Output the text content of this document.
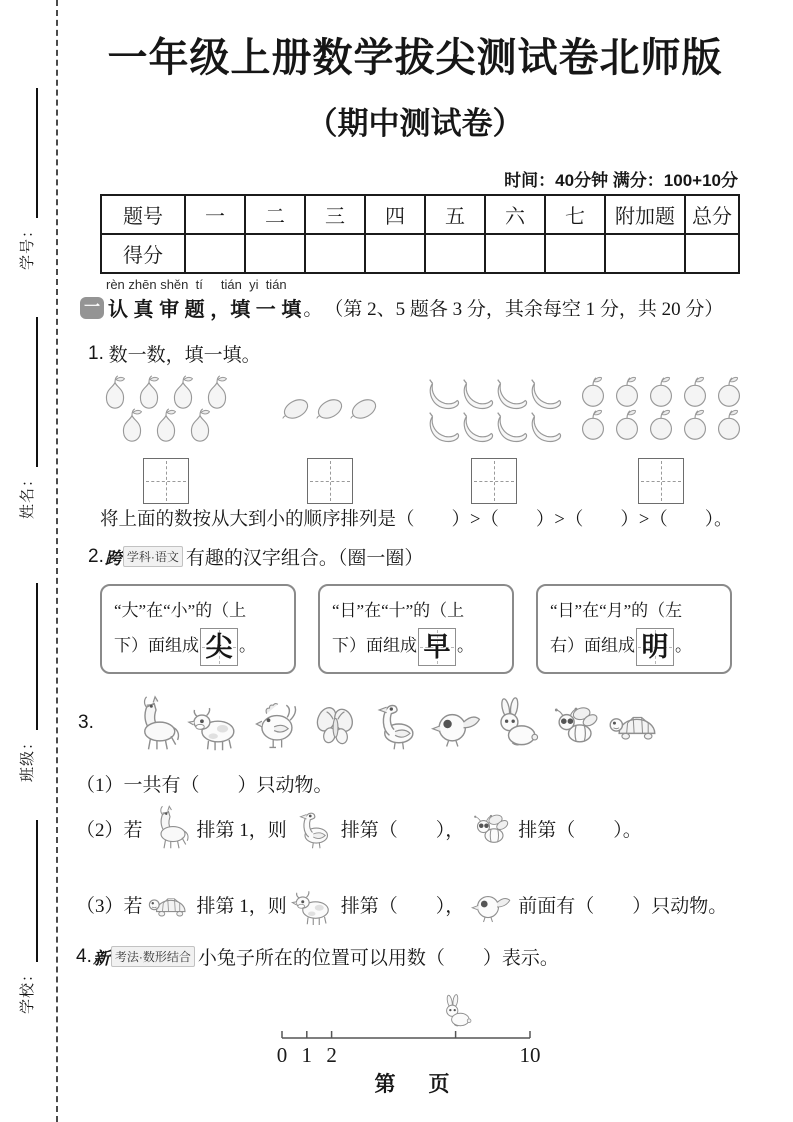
学号：
姓名：
班级：
学校：
一年级上册数学拔尖测试卷北师版
（期中测试卷）
时间：40分钟 满分：100+10分
题号	一	二	三	四	五	六	七	附加题	总分
得分									
rèn zhēn shěn  tí     tián  yi  tián
一 认 真 审 题 ，填 一 填 。 （第 2、5 题各 3 分，其余每空 1 分，共 20 分）
1.
数一数，填一填。
将上面的数按从大到小的顺序排列是（　　）>（　　）>（　　）>（　　）。
2. 跨 学科·语文 有趣的汉字组合。（圈一圈）
“大”在“小”的（上
下）面组成 尖 。
“日”在“十”的（上
下）面组成 早 。
“日”在“月”的（左
右）面组成 明 。
3.
（1）一共有（　　）只动物。
（2）若	排第 1，则	排第（　　），	排第（　　）。
（3）若	排第 1，则	排第（　　），	前面有（　　）只动物。
4. 新 考法·数形结合 小兔子所在的位置可以用数（　　）表示。
0 1 2	10
第　页
